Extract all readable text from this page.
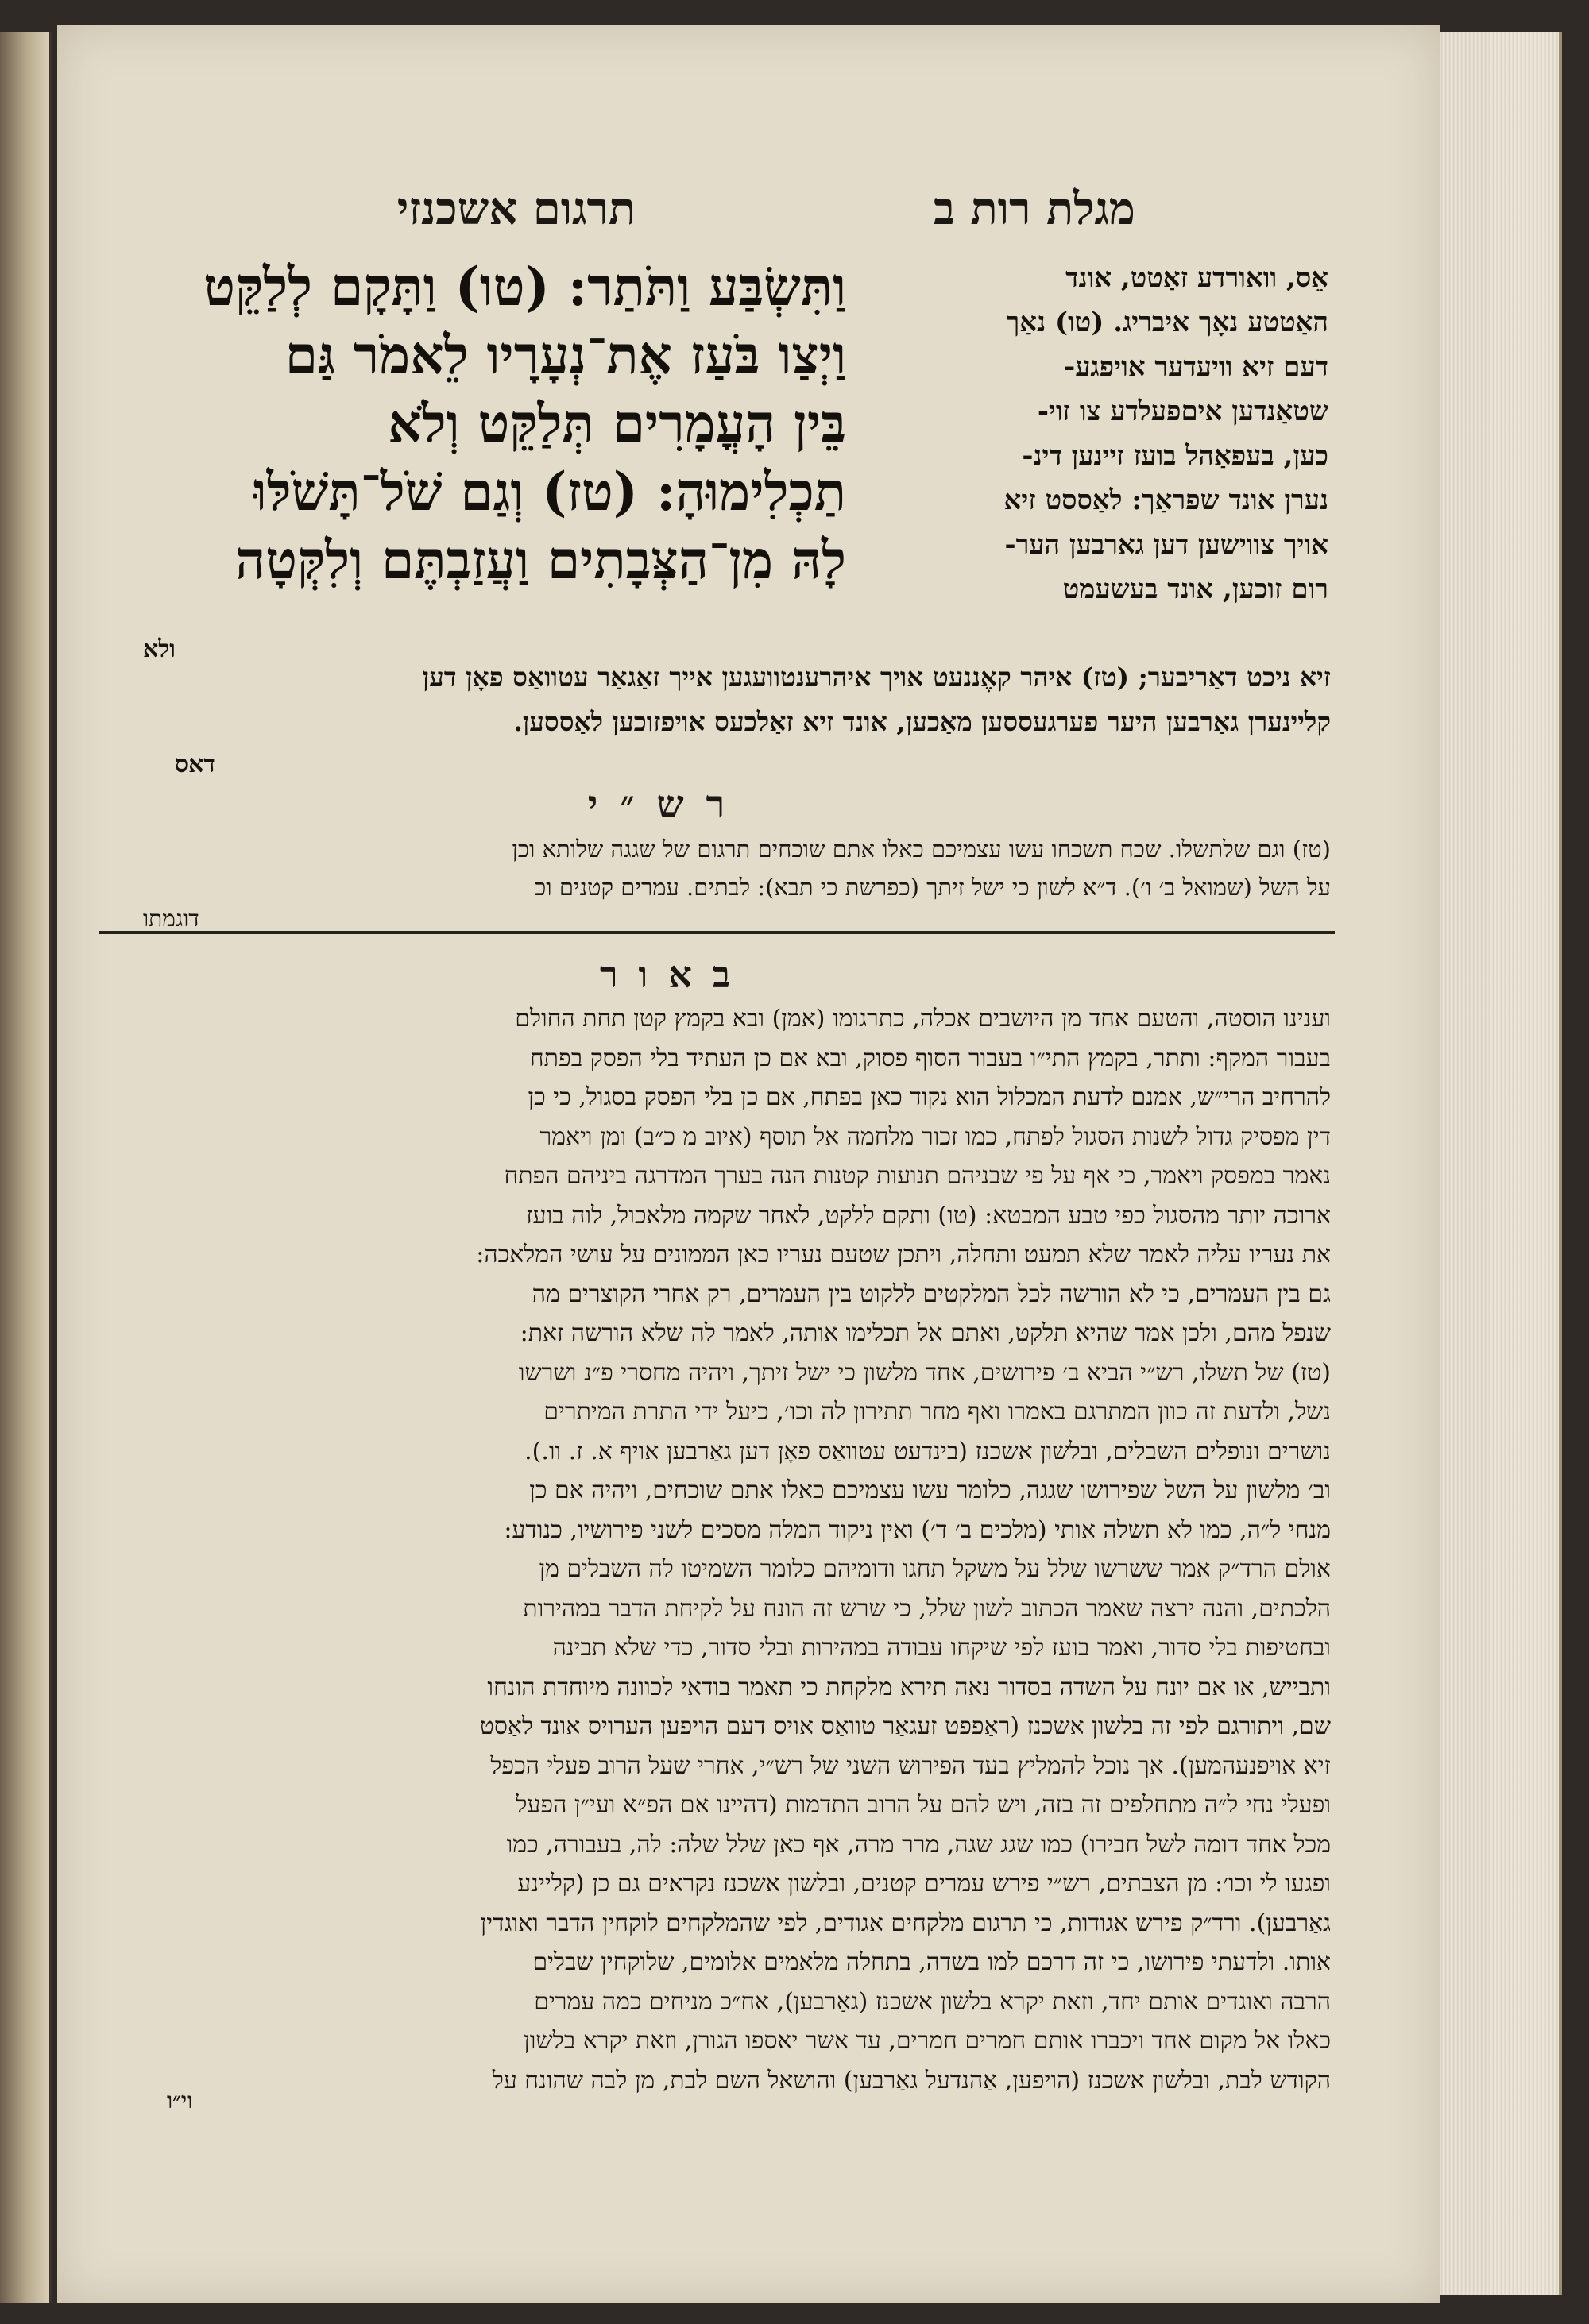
תרגום אשכנזי	מגלת רות ב
וַתִּשְׂבַּע וַתֹּתַר: (טו) וַתָּקָם לְלַקֵּט
וַיְצַו בֹּעַז אֶת־נְעָרָיו לֵאמֹר גַּם
בֵּין הָעֳמָרִים תְּלַקֵּט וְלֹא
תַכְלִימוּהָ: (טז) וְגַם שֹׁל־תָּשֹׁלּוּ
לָהּ מִן־הַצְּבָתִים וַעֲזַבְתֶּם וְלִקְּטָה
אֵס, וואורדע זאַטט, אונד
האַטטע נאָך איבריג. (טו) נאַך
דעם זיא וויעדער אויפגע-
שטאַנדען איםפעלדע צו זוי-
כען, בעפאַהל בועז זיינען דינ-
נערן אונד שפראַך: לאַססט זיא
אויך צווישען דען גארבען הער-
רום זוכען, אונד בעשעמט
ולא
זיא ניכט דאַריבער; (טז) איהר קאֶננעט אויך איהרענטוועגען אייך זאַגאַר עטוואַס פאָן דען
קליינערן גאַרבען היער פערגעססען מאַכען, אונד זיא זאַלכעס אויפזוכען לאַססען.
דאס
רש״י
(טז) וגם שלתשלו. שכח תשכחו עשו עצמיכם כאלו אתם שוכחים תרגום של שגגה שלותא וכן
על השל (שמואל ב׳ ו׳). ד״א לשון כי ישל זיתך (כפרשת כי תבא): לבתים. עמרים קטנים וכ
דוגמתו
באור
וענינו הוסטה, והטעם אחד מן היושבים אכלה, כתרגומו (אמן) ובא בקמץ קטן תחת החולם
בעבור המקף: ותתר, בקמץ התי״ו בעבור הסוף פסוק, ובא אם כן העתיד בלי הפסק בפתח
להרחיב הרי״ש, אמנם לדעת המכלול הוא נקוד כאן בפתח, אם כן בלי הפסק בסגול, כי כן
דין מפסיק גדול לשנות הסגול לפתח, כמו זכור מלחמה אל תוסף (איוב מ כ״ב) ומן ויאמר
נאמר במפסק ויאמר, כי אף על פי שבניהם תנועות קטנות הנה בערך המדרגה ביניהם הפתח
ארוכה יותר מהסגול כפי טבע המבטא: (טו) ותקם ללקט, לאחר שקמה מלאכול, לוה בועז
את נעריו עליה לאמר שלא תמעט ותחלה, ויתכן שטעם נעריו כאן הממונים על עושי המלאכה:
גם בין העמרים, כי לא הורשה לכל המלקטים ללקוט בין העמרים, רק אחרי הקוצרים מה
שנפל מהם, ולכן אמר שהיא תלקט, ואתם אל תכלימו אותה, לאמר לה שלא הורשה זאת:
(טז) של תשלו, רש״י הביא ב׳ פירושים, אחד מלשון כי ישל זיתך, ויהיה מחסרי פ״נ ושרשו
נשל, ולדעת זה כוון המתרגם באמרו ואף מחר תתירון לה וכו׳, כיעל ידי התרת המיתרים
נושרים ונופלים השבלים, ובלשון אשכנז (בינדעט עטוואַס פאָן דען גאַרבען אויף א. ז. וו.).
וב׳ מלשון על השל שפירושו שגגה, כלומר עשו עצמיכם כאלו אתם שוכחים, ויהיה אם כן
מנחי ל״ה, כמו לא תשלה אותי (מלכים ב׳ ד׳) ואין ניקוד המלה מסכים לשני פירושיו, כנודע:
אולם הרד״ק אמר ששרשו שלל על משקל תחגו ודומיהם כלומר השמיטו לה השבלים מן
הלכתים, והנה ירצה שאמר הכתוב לשון שלל, כי שרש זה הונח על לקיחת הדבר במהירות
ובחטיפות בלי סדור, ואמר בועז לפי שיקחו עבודה במהירות ובלי סדור, כדי שלא תבינה
ותבייש, או אם יונח על השדה בסדור נאה תירא מלקחת כי תאמר בודאי לכוונה מיוחדת הונחו
שם, ויתורגם לפי זה בלשון אשכנז (ראַפפט זעגאַר טוואַס אויס דעם הויפען הערויס אונד לאַסט
זיא אויפנעהמען). אך נוכל להמליץ בעד הפירוש השני של רש״י, אחרי שעל הרוב פעלי הכפל
ופעלי נחי ל״ה מתחלפים זה בזה, ויש להם על הרוב התדמות (דהיינו אם הפ״א ועי״ן הפעל
מכל אחד דומה לשל חבירו) כמו שגג שגה, מרר מרה, אף כאן שלל שלה: לה, בעבורה, כמו
ופגעו לי וכו׳: מן הצבתים, רש״י פירש עמרים קטנים, ובלשון אשכנז נקראים גם כן (קליינע
גאַרבען). ורד״ק פירש אגודות, כי תרגום מלקחים אגודים, לפי שהמלקחים לוקחין הדבר ואוגדין
אותו. ולדעתי פירושו, כי זה דרכם למו בשדה, בתחלה מלאמים אלומים, שלוקחין שבלים
הרבה ואוגדים אותם יחד, וזאת יקרא בלשון אשכנז (גאַרבען), אח״כ מניחים כמה עמרים
כאלו אל מקום אחד ויכברו אותם חמרים חמרים, עד אשר יאספו הגורן, וזאת יקרא בלשון
הקודש לבת, ובלשון אשכנז (הויפען, אַהנדעל גאַרבען) והושאל השם לבת, מן לבה שהונח על
וי״ו
